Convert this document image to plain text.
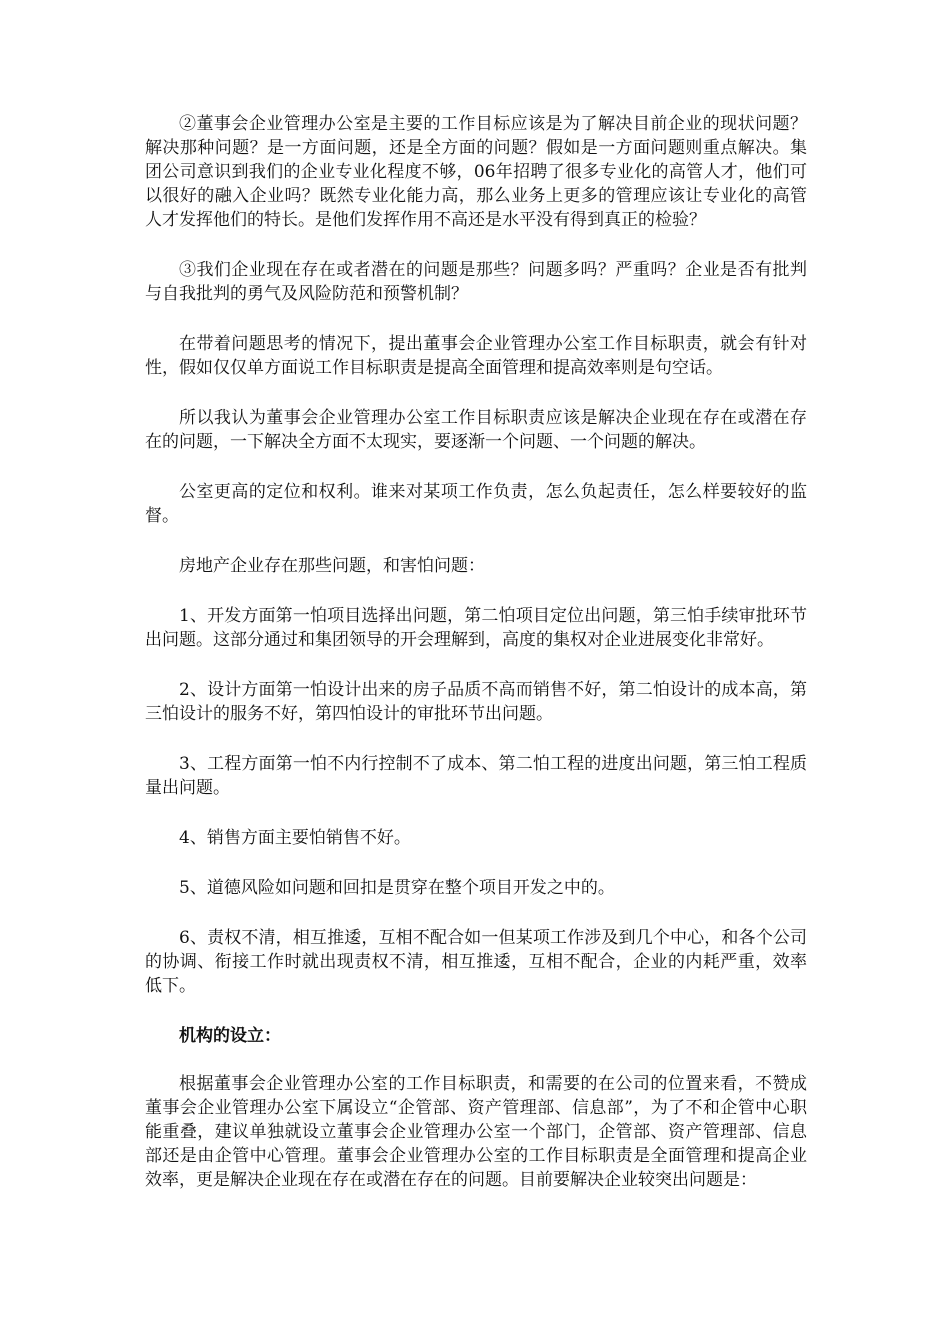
②董事会企业管理办公室是主要的工作目标应该是为了解决目前企业的现状问题？解决那种问题？是一方面问题，还是全方面的问题？假如是一方面问题则重点解决。集团公司意识到我们的企业专业化程度不够，06年招聘了很多专业化的高管人才，他们可以很好的融入企业吗？既然专业化能力高，那么业务上更多的管理应该让专业化的高管人才发挥他们的特长。是他们发挥作用不高还是水平没有得到真正的检验？

③我们企业现在存在或者潜在的问题是那些？问题多吗？严重吗？企业是否有批判与自我批判的勇气及风险防范和预警机制？

在带着问题思考的情况下，提出董事会企业管理办公室工作目标职责，就会有针对性，假如仅仅单方面说工作目标职责是提高全面管理和提高效率则是句空话。

所以我认为董事会企业管理办公室工作目标职责应该是解决企业现在存在或潜在存在的问题，一下解决全方面不太现实，要逐渐一个问题、一个问题的解决。

公室更高的定位和权利。谁来对某项工作负责，怎么负起责任，怎么样要较好的监督。

房地产企业存在那些问题，和害怕问题：

1、开发方面第一怕项目选择出问题，第二怕项目定位出问题，第三怕手续审批环节出问题。这部分通过和集团领导的开会理解到，高度的集权对企业进展变化非常好。

2、设计方面第一怕设计出来的房子品质不高而销售不好，第二怕设计的成本高，第三怕设计的服务不好，第四怕设计的审批环节出问题。

3、工程方面第一怕不内行控制不了成本、第二怕工程的进度出问题，第三怕工程质量出问题。

4、销售方面主要怕销售不好。

5、道德风险如问题和回扣是贯穿在整个项目开发之中的。

6、责权不清，相互推逶，互相不配合如一但某项工作涉及到几个中心，和各个公司的协调、衔接工作时就出现责权不清，相互推逶，互相不配合，企业的内耗严重，效率低下。

机构的设立：

根据董事会企业管理办公室的工作目标职责，和需要的在公司的位置来看，不赞成董事会企业管理办公室下属设立“企管部、资产管理部、信息部”，为了不和企管中心职能重叠，建议单独就设立董事会企业管理办公室一个部门，企管部、资产管理部、信息部还是由企管中心管理。董事会企业管理办公室的工作目标职责是全面管理和提高企业效率，更是解决企业现在存在或潜在存在的问题。目前要解决企业较突出问题是：
